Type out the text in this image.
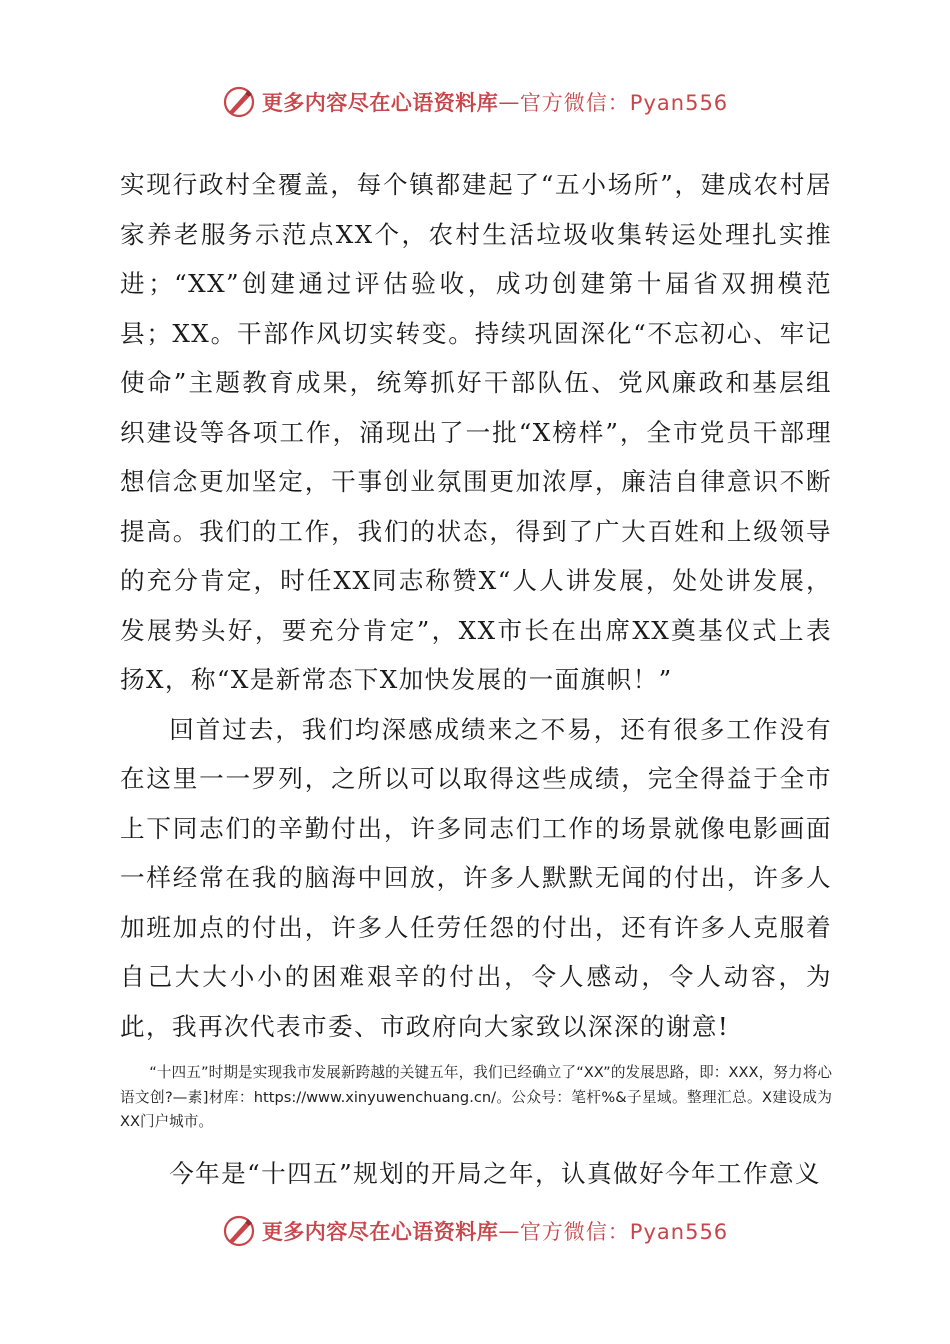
更多内容尽在心语资料库 — 官方微信：Pyan556

实现行政村全覆盖，每个镇都建起了“五小场所”，建成农村居家养老服务示范点XX个，农村生活垃圾收集转运处理扎实推进；“XX”创建通过评估验收，成功创建第十届省双拥模范县；XX。干部作风切实转变。持续巩固深化“不忘初心、牢记使命”主题教育成果，统筹抓好干部队伍、党风廉政和基层组织建设等各项工作，涌现出了一批“X榜样”，全市党员干部理想信念更加坚定，干事创业氛围更加浓厚，廉洁自律意识不断提高。我们的工作，我们的状态，得到了广大百姓和上级领导的充分肯定，时任XX同志称赞X“人人讲发展，处处讲发展，发展势头好，要充分肯定”，XX市长在出席XX奠基仪式上表扬X，称“X是新常态下X加快发展的一面旗帜！”

回首过去，我们均深感成绩来之不易，还有很多工作没有在这里一一罗列，之所以可以取得这些成绩，完全得益于全市上下同志们的辛勤付出，许多同志们工作的场景就像电影画面一样经常在我的脑海中回放，许多人默默无闻的付出，许多人加班加点的付出，许多人任劳任怨的付出，还有许多人克服着自己大大小小的困难艰辛的付出，令人感动，令人动容，为此，我再次代表市委、市政府向大家致以深深的谢意!

“十四五”时期是实现我市发展新跨越的关键五年，我们已经确立了“XX”的发展思路，即：XXX，努力将心语文创?—素]材库：https://www.xinyuwenchuang.cn/。公众号：笔杆%&子星域。整理汇总。X建设成为XX门户城市。

今年是“十四五”规划的开局之年，认真做好今年工作意义

更多内容尽在心语资料库 — 官方微信：Pyan556
